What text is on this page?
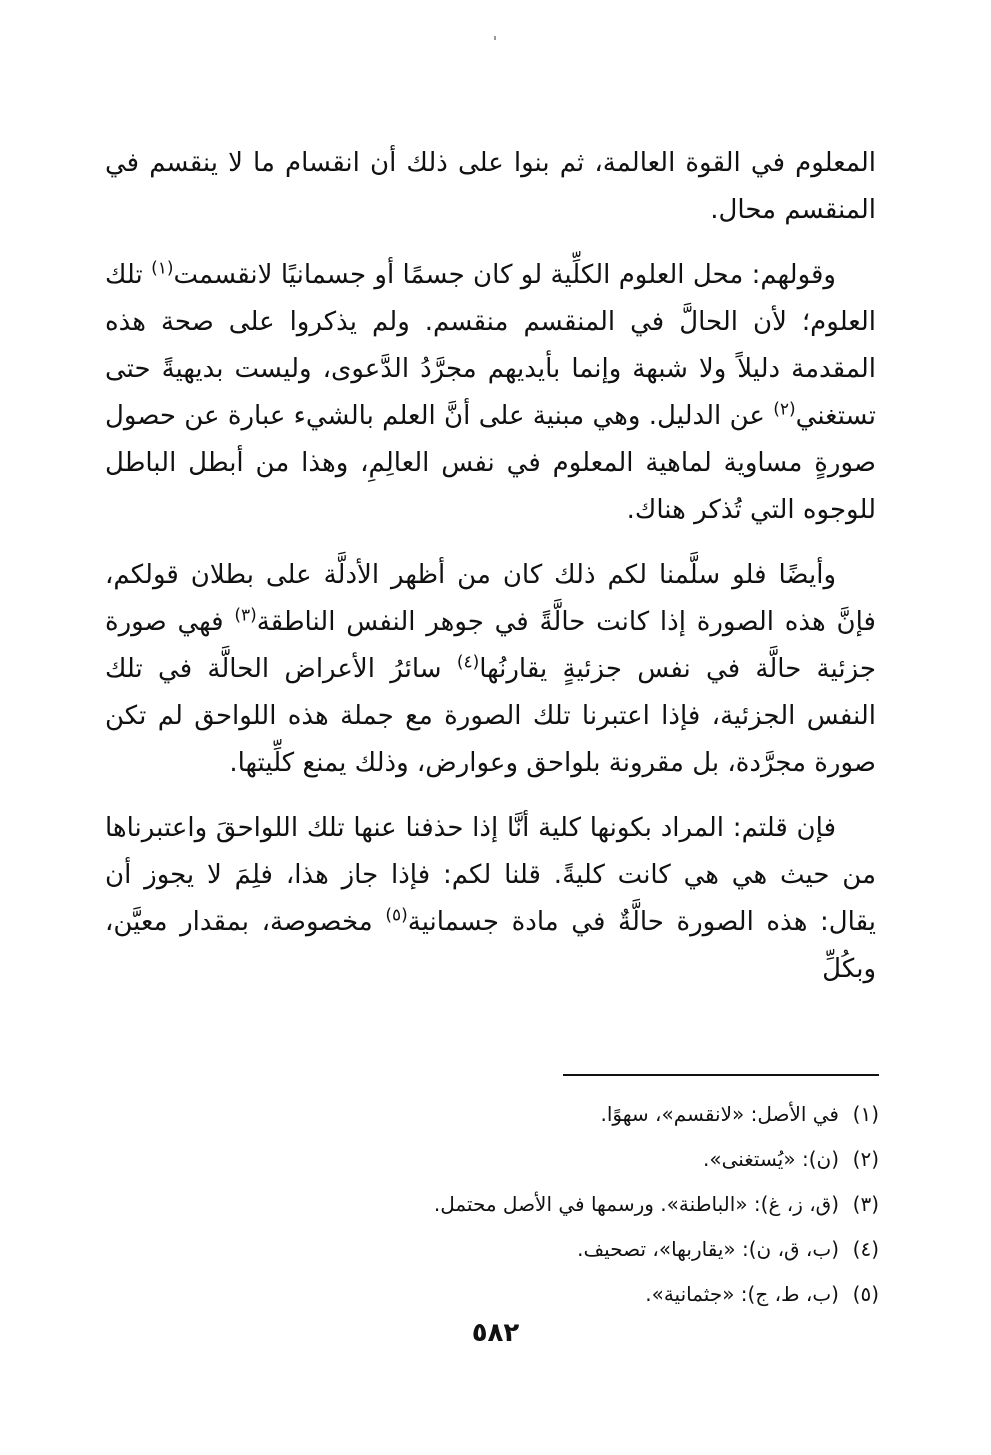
المعلوم في القوة العالمة، ثم بنوا على ذلك أن انقسام ما لا ينقسم في المنقسم محال.

وقولهم: محل العلوم الكلِّية لو كان جسمًا أو جسمانيًا لانقسمت$^{(١)}$ تلك العلوم؛ لأن الحالَّ في المنقسم منقسم. ولم يذكروا على صحة هذه المقدمة دليلاً ولا شبهة وإنما بأيديهم مجرَّدُ الدَّعوى، وليست بديهيةً حتى تستغني$^{(٢)}$ عن الدليل. وهي مبنية على أنَّ العلم بالشيء عبارة عن حصول صورةٍ مساوية لماهية المعلوم في نفس العالِمِ، وهذا من أبطل الباطل للوجوه التي تُذكر هناك.

وأيضًا فلو سلَّمنا لكم ذلك كان من أظهر الأدلَّة على بطلان قولكم، فإنَّ هذه الصورة إذا كانت حالَّةً في جوهر النفس الناطقة$^{(٣)}$ فهي صورة جزئية حالَّة في نفس جزئيةٍ يقارنُها$^{(٤)}$ سائرُ الأعراض الحالَّة في تلك النفس الجزئية، فإذا اعتبرنا تلك الصورة مع جملة هذه اللواحق لم تكن صورة مجرَّدة، بل مقرونة بلواحق وعوارض، وذلك يمنع كلِّيتها.

فإن قلتم: المراد بكونها كلية أنَّا إذا حذفنا عنها تلك اللواحقَ واعتبرناها من حيث هي هي كانت كليةً. قلنا لكم: فإذا جاز هذا، فلِمَ لا يجوز أن يقال: هذه الصورة حالَّةٌ في مادة جسمانية$^{(٥)}$ مخصوصة، بمقدار معيَّن، وبكُلِّ

(١)في الأصل: «لانقسم»، سهوًا.
(٢)(ن): «يُستغنى».
(٣)(ق، ز، غ): «الباطنة». ورسمها في الأصل محتمل.
(٤)(ب، ق، ن): «يقاربها»، تصحيف.
(٥)(ب، ط، ج): «جثمانية».
٥٨٢
